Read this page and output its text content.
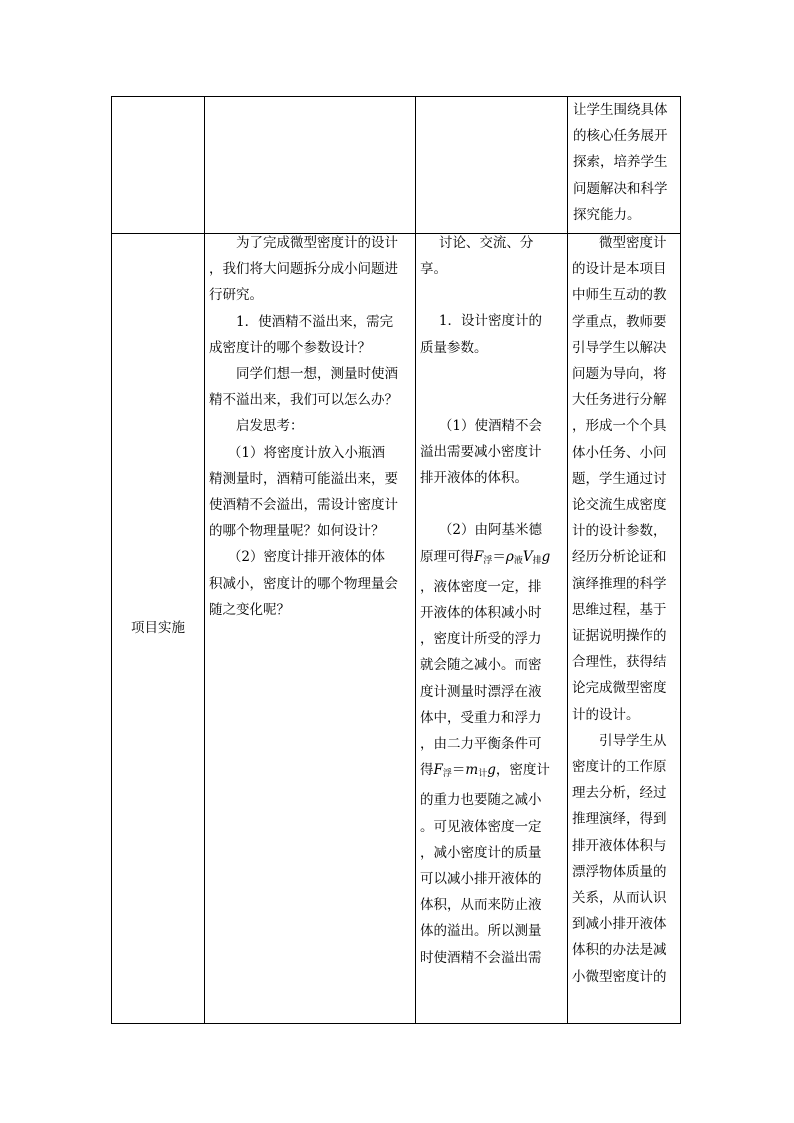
让学生围绕具体

的核心任务展开

探索，培养学生

问题解决和科学

探究能力。

项目实施

为了完成微型密度计的设计

，我们将大问题拆分成小问题进

行研究。

1．使酒精不溢出来，需完

成密度计的哪个参数设计？

同学们想一想，测量时使酒

精不溢出来，我们可以怎么办？

启发思考：

（1）将密度计放入小瓶酒

精测量时，酒精可能溢出来，要

使酒精不会溢出，需设计密度计

的哪个物理量呢？如何设计？

（2）密度计排开液体的体

积减小，密度计的哪个物理量会

随之变化呢？

讨论、交流、分

享。

1．设计密度计的

质量参数。

（1）使酒精不会

溢出需要减小密度计

排开液体的体积。

（2）由阿基米德

原理可得$F_浮=\rho_液V_排g$

，液体密度一定，排

开液体的体积减小时

，密度计所受的浮力

就会随之减小。而密

度计测量时漂浮在液

体中，受重力和浮力

，由二力平衡条件可

得$F_浮=m_计g$，密度计

的重力也要随之减小

。可见液体密度一定

，减小密度计的质量

可以减小排开液体的

体积，从而来防止液

体的溢出。所以测量

时使酒精不会溢出需

微型密度计

的设计是本项目

中师生互动的教

学重点，教师要

引导学生以解决

问题为导向，将

大任务进行分解

，形成一个个具

体小任务、小问

题，学生通过讨

论交流生成密度

计的设计参数，

经历分析论证和

演绎推理的科学

思维过程，基于

证据说明操作的

合理性，获得结

论完成微型密度

计的设计。

引导学生从

密度计的工作原

理去分析，经过

推理演绎，得到

排开液体体积与

漂浮物体质量的

关系，从而认识

到减小排开液体

体积的办法是减

小微型密度计的
